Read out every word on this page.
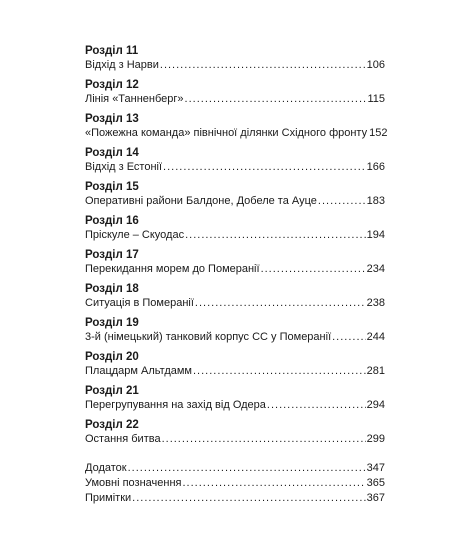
Розділ 11
Відхід з Нарви .....	106
Розділ 12
Лінія «Танненберг» .....	115
Розділ 13
«Пожежна команда» північної ділянки Східного фронту 152
Розділ 14
Відхід з Естонії .....	166
Розділ 15
Оперативні райони Балдоне, Добеле та Ауце .....	183
Розділ 16
Пріскуле – Скуодас .....	194
Розділ 17
Перекидання морем до Померанії .....	234
Розділ 18
Ситуація в Померанії .....	238
Розділ 19
3-й (німецький) танковий корпус СС у Померанії .....	244
Розділ 20
Плацдарм Альтдамм .....	281
Розділ 21
Перегрупування на захід від Одера .....	294
Розділ 22
Остання битва .....	299
Додаток .....	347
Умовні позначення .....	365
Примітки .....	367
